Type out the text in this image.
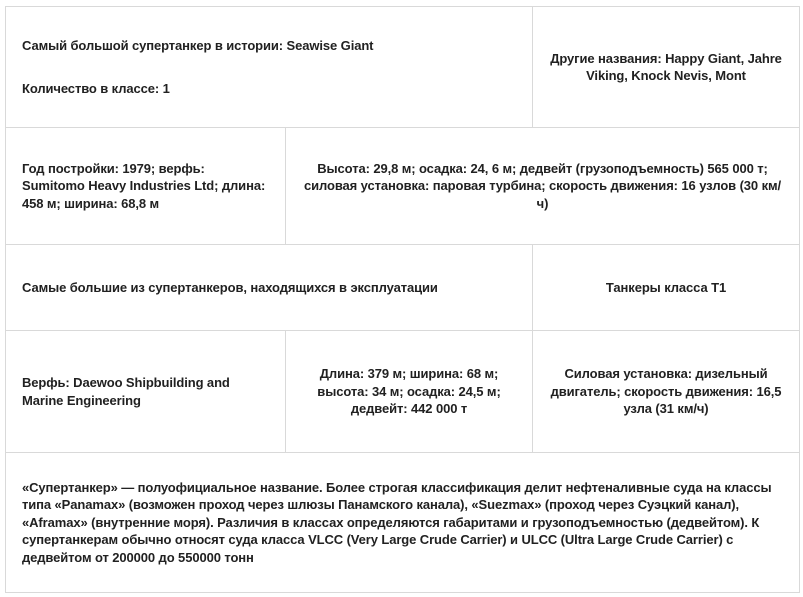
Самый большой супертанкер в истории: Seawise Giant
Количество в классе: 1		Другие названия: Happy Giant, Jahre Viking, Knock Nevis, Mont
Год постройки: 1979; верфь: Sumitomo Heavy Industries Ltd; длина: 458 м; ширина: 68,8 м	Высота: 29,8 м; осадка: 24, 6 м; дедвейт (грузоподъемность) 565 000 т; силовая установка: паровая турбина; скорость движения: 16 узлов (30 км/ч)	
Самые большие из супертанкеров, находящихся в эксплуатации		Танкеры класса Т1
Верфь: Daewoo Shipbuilding and Marine Engineering	Длина: 379 м; ширина: 68 м; высота: 34 м; осадка: 24,5 м; дедвейт: 442 000 т	Силовая установка: дизельный двигатель; скорость движения: 16,5 узла (31 км/ч)
«Супертанкер» — полуофициальное название. Более строгая классификация делит нефтеналивные суда на классы типа «Panamax» (возможен проход через шлюзы Панамского канала), «Suezmax» (проход через Суэцкий канал), «Aframax» (внутренние моря). Различия в классах определяются габаритами и грузоподъемностью (дедвейтом). К супертанкерам обычно относят суда класса VLCC (Very Large Crude Carrier) и ULCC (Ultra Large Crude Carrier) с дедвейтом от 200000 до 550000 тонн		
